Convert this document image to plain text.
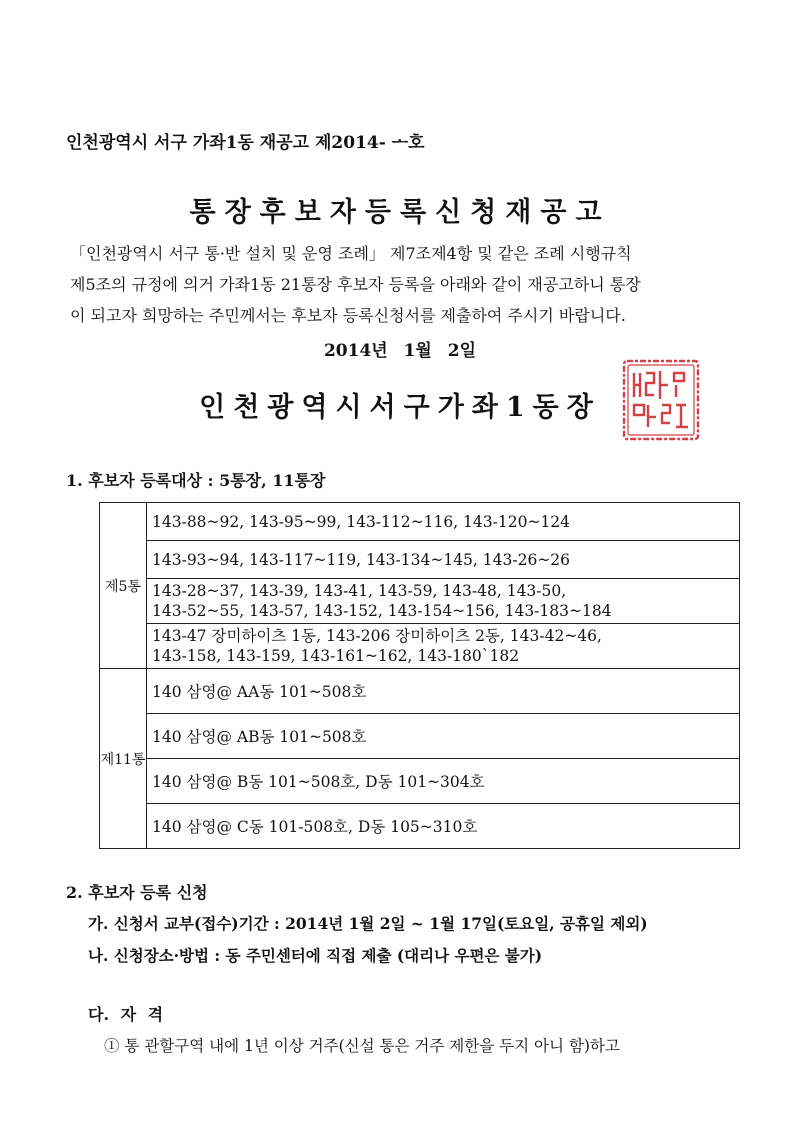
인천광역시 서구 가좌1동 재공고 제2014- ᅩ호
통장후보자등록신청재공고
「인천광역시 서구 통·반 설치 및 운영 조례」 제7조제4항 및 같은 조례 시행규칙
제5조의 규정에 의거 가좌1동 21통장 후보자 등록을 아래와 같이 재공고하니 통장
이 되고자 희망하는 주민께서는 후보자 등록신청서를 제출하여 주시기 바랍니다.
2014년 1월 2일
인천광역시서구가좌1동장
1. 후보자 등록대상 : 5통장, 11통장
제5통	143-88~92, 143-95~99, 143-112~116, 143-120~124
	143-93~94, 143-117~119, 143-134~145, 143-26~26

	143-28~37, 143-39, 143-41, 143-59, 143-48, 143-50,
143-52~55, 143-57, 143-152, 143-154~156, 143-183~184

	143-47 장미하이츠 1동, 143-206 장미하이츠 2동, 143-42~46,
143-158, 143-159, 143-161~162, 143-180`182

제11통	140 삼영@ AA동 101~508호
	140 삼영@ AB동 101~508호
	140 삼영@ B동 101~508호, D동 101~304호
	140 삼영@ C동 101-508호, D동 105~310호
2. 후보자 등록 신청
가. 신청서 교부(접수)기간 : 2014년 1월 2일 ~ 1월 17일(토요일, 공휴일 제외)
나. 신청장소·방법 : 동 주민센터에 직접 제출 (대리나 우편은 불가)
다. 자 격
① 통 관할구역 내에 1년 이상 거주(신설 통은 거주 제한을 두지 아니 함)하고
